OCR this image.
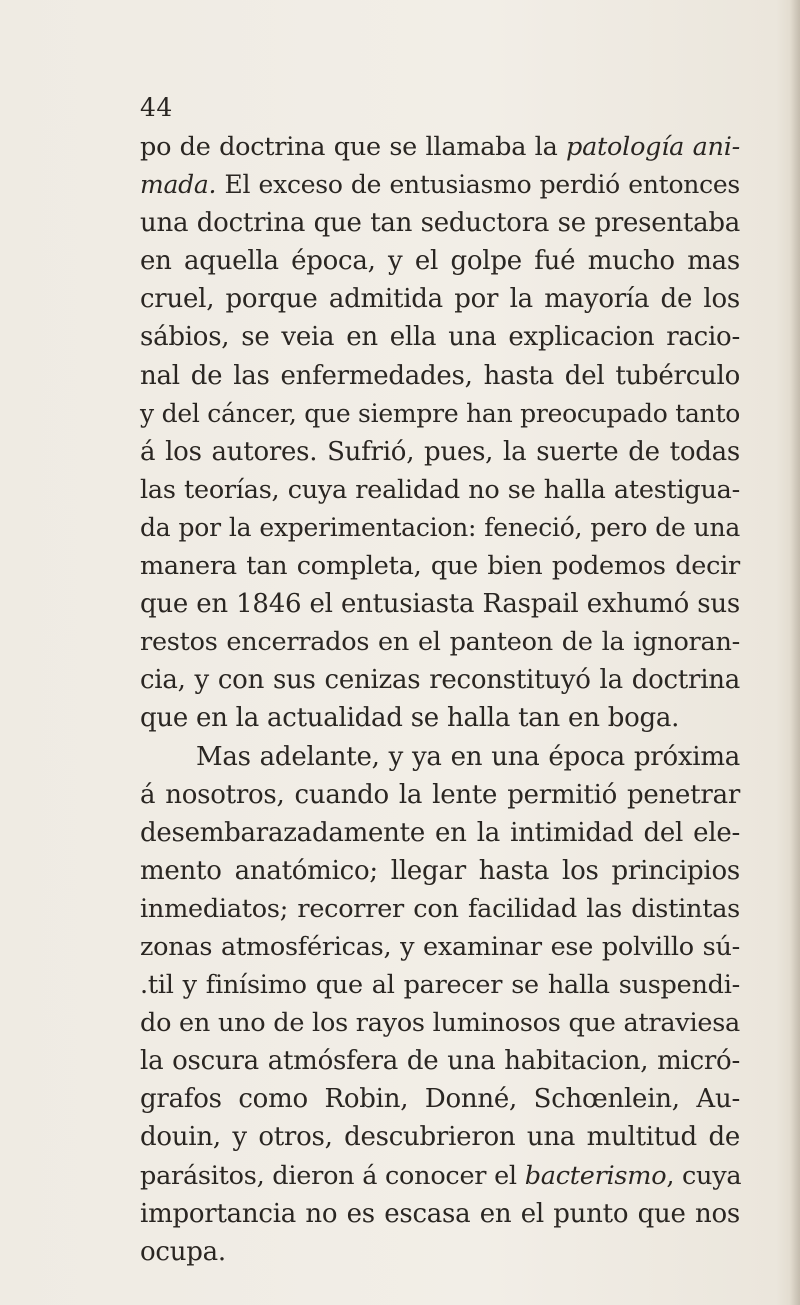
44
po de doctrina que se llamaba la patología ani-
mada. El exceso de entusiasmo perdió entonces
una doctrina que tan seductora se presentaba
en aquella época, y el golpe fué mucho mas
cruel, porque admitida por la mayoría de los
sábios, se veia en ella una explicacion racio-
nal de las enfermedades, hasta del tubérculo
y del cáncer, que siempre han preocupado tanto
á los autores. Sufrió, pues, la suerte de todas
las teorías, cuya realidad no se halla atestigua-
da por la experimentacion: feneció, pero de una
manera tan completa, que bien podemos decir
que en 1846 el entusiasta Raspail exhumó sus
restos encerrados en el panteon de la ignoran-
cia, y con sus cenizas reconstituyó la doctrina
que en la actualidad se halla tan en boga.
Mas adelante, y ya en una época próxima
á nosotros, cuando la lente permitió penetrar
desembarazadamente en la intimidad del ele-
mento anatómico; llegar hasta los principios
inmediatos; recorrer con facilidad las distintas
zonas atmosféricas, y examinar ese polvillo sú-
.til y finísimo que al parecer se halla suspendi-
do en uno de los rayos luminosos que atraviesa
la oscura atmósfera de una habitacion, micró-
grafos como Robin, Donné, Schœnlein, Au-
douin, y otros, descubrieron una multitud de
parásitos, dieron á conocer el bacterismo, cuya
importancia no es escasa en el punto que nos
ocupa.
